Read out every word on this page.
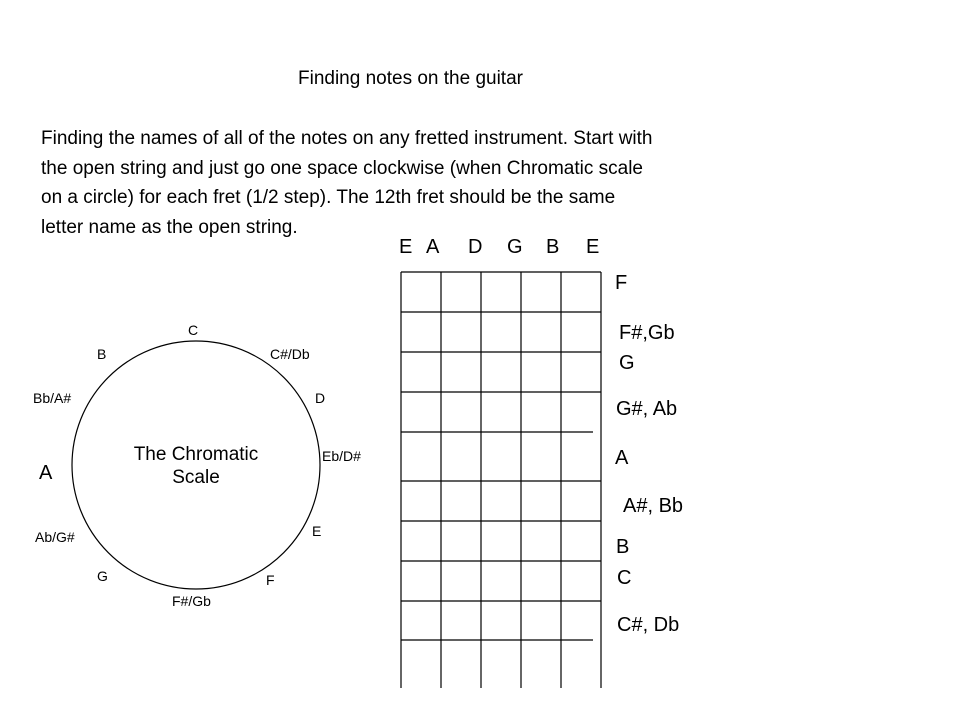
Finding notes on the guitar
Finding the names of all of the notes on any fretted instrument. Start with
the open string and just go one space clockwise (when Chromatic scale
on a circle) for each fret (1/2 step). The 12th fret should be the same
letter name as the open string.
E A D G B E
F
F#,Gb
G
G#, Ab
A
A#, Bb
B
C
C#, Db
C
C#/Db
D
Eb/D#
E
F
F#/Gb
G
Ab/G#
A
Bb/A#
B
The Chromatic
Scale
